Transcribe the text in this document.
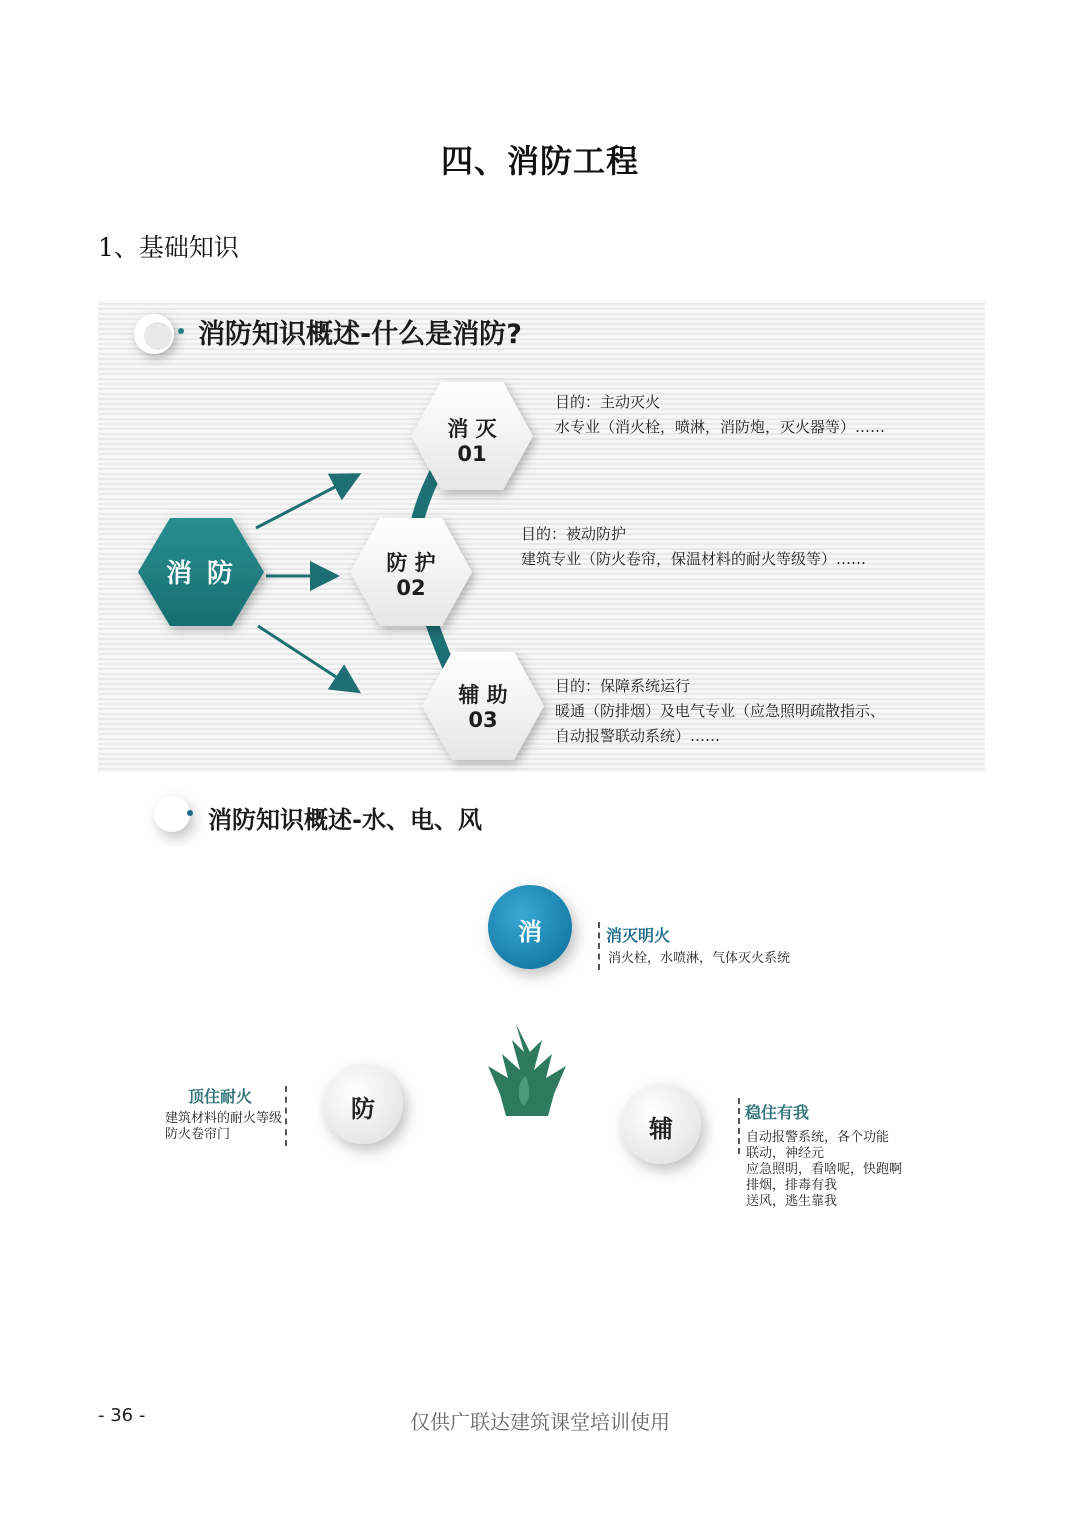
四、消防工程
1、基础知识
消防知识概述-什么是消防?
消 防
消 灭
01
防 护
02
辅 助
03
目的：主动灭火
水专业（消火栓，喷淋，消防炮，灭火器等）……
目的：被动防护
建筑专业（防火卷帘，保温材料的耐火等级等）……
目的：保障系统运行
暖通（防排烟）及电气专业（应急照明疏散指示、
自动报警联动系统）……
消防知识概述-水、电、风
消
防
辅
消灭明火
消火栓，水喷淋，气体灭火系统
顶住耐火
建筑材料的耐火等级
防火卷帘门
稳住有我
自动报警系统，各个功能
联动，神经元
应急照明，看啥呢，快跑啊
排烟，排毒有我
送风，逃生靠我
- 36 -	仅供广联达建筑课堂培训使用
